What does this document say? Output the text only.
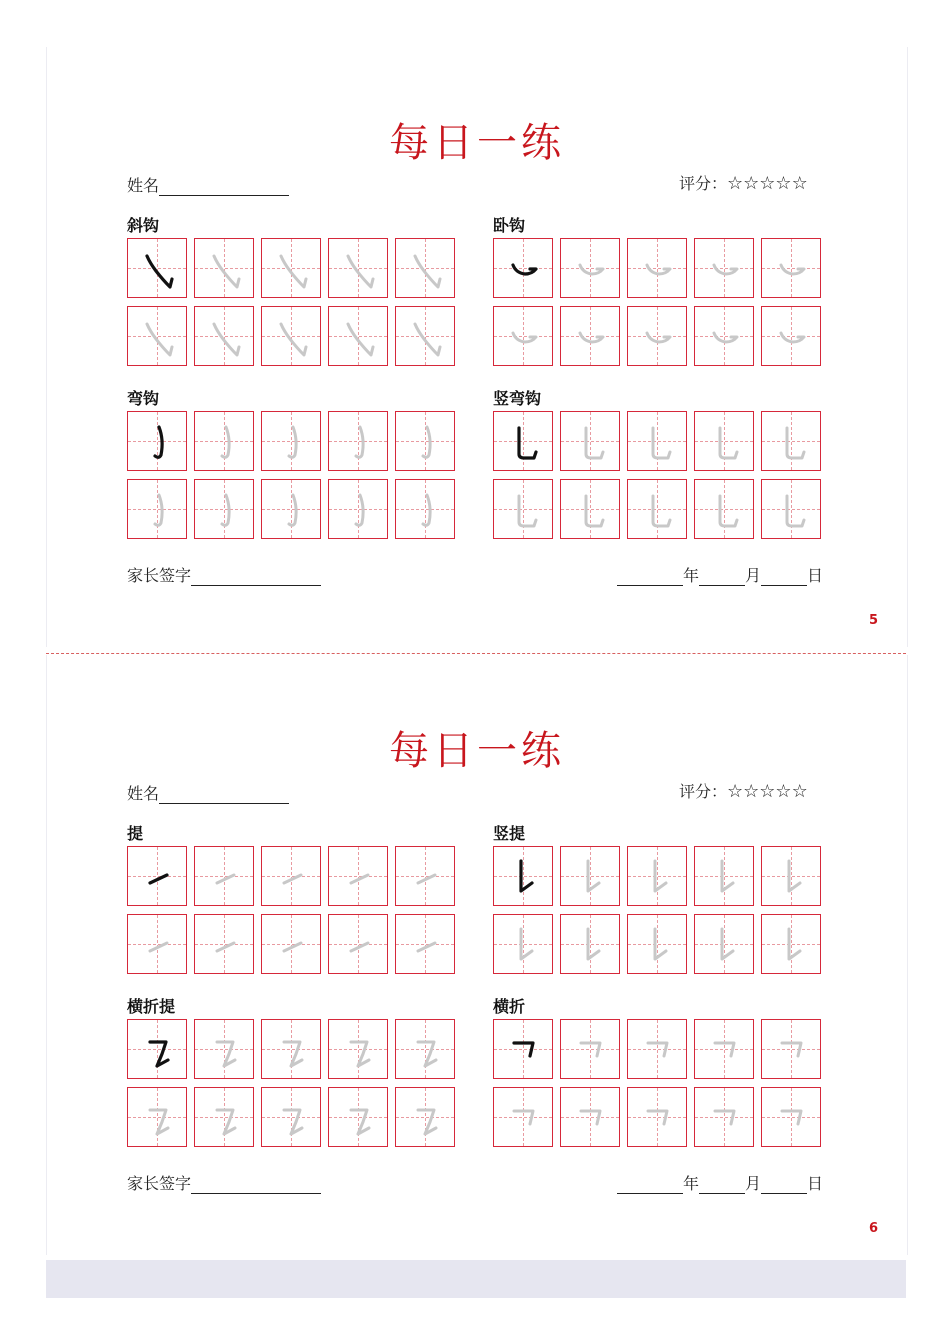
每日一练
姓名	评分：☆☆☆☆☆
斜钩	卧钩
弯钩	竖弯钩
家长签字	年	月	日
5
每日一练
姓名	评分：☆☆☆☆☆
提	竖提
横折提	横折
家长签字	年	月	日
6
